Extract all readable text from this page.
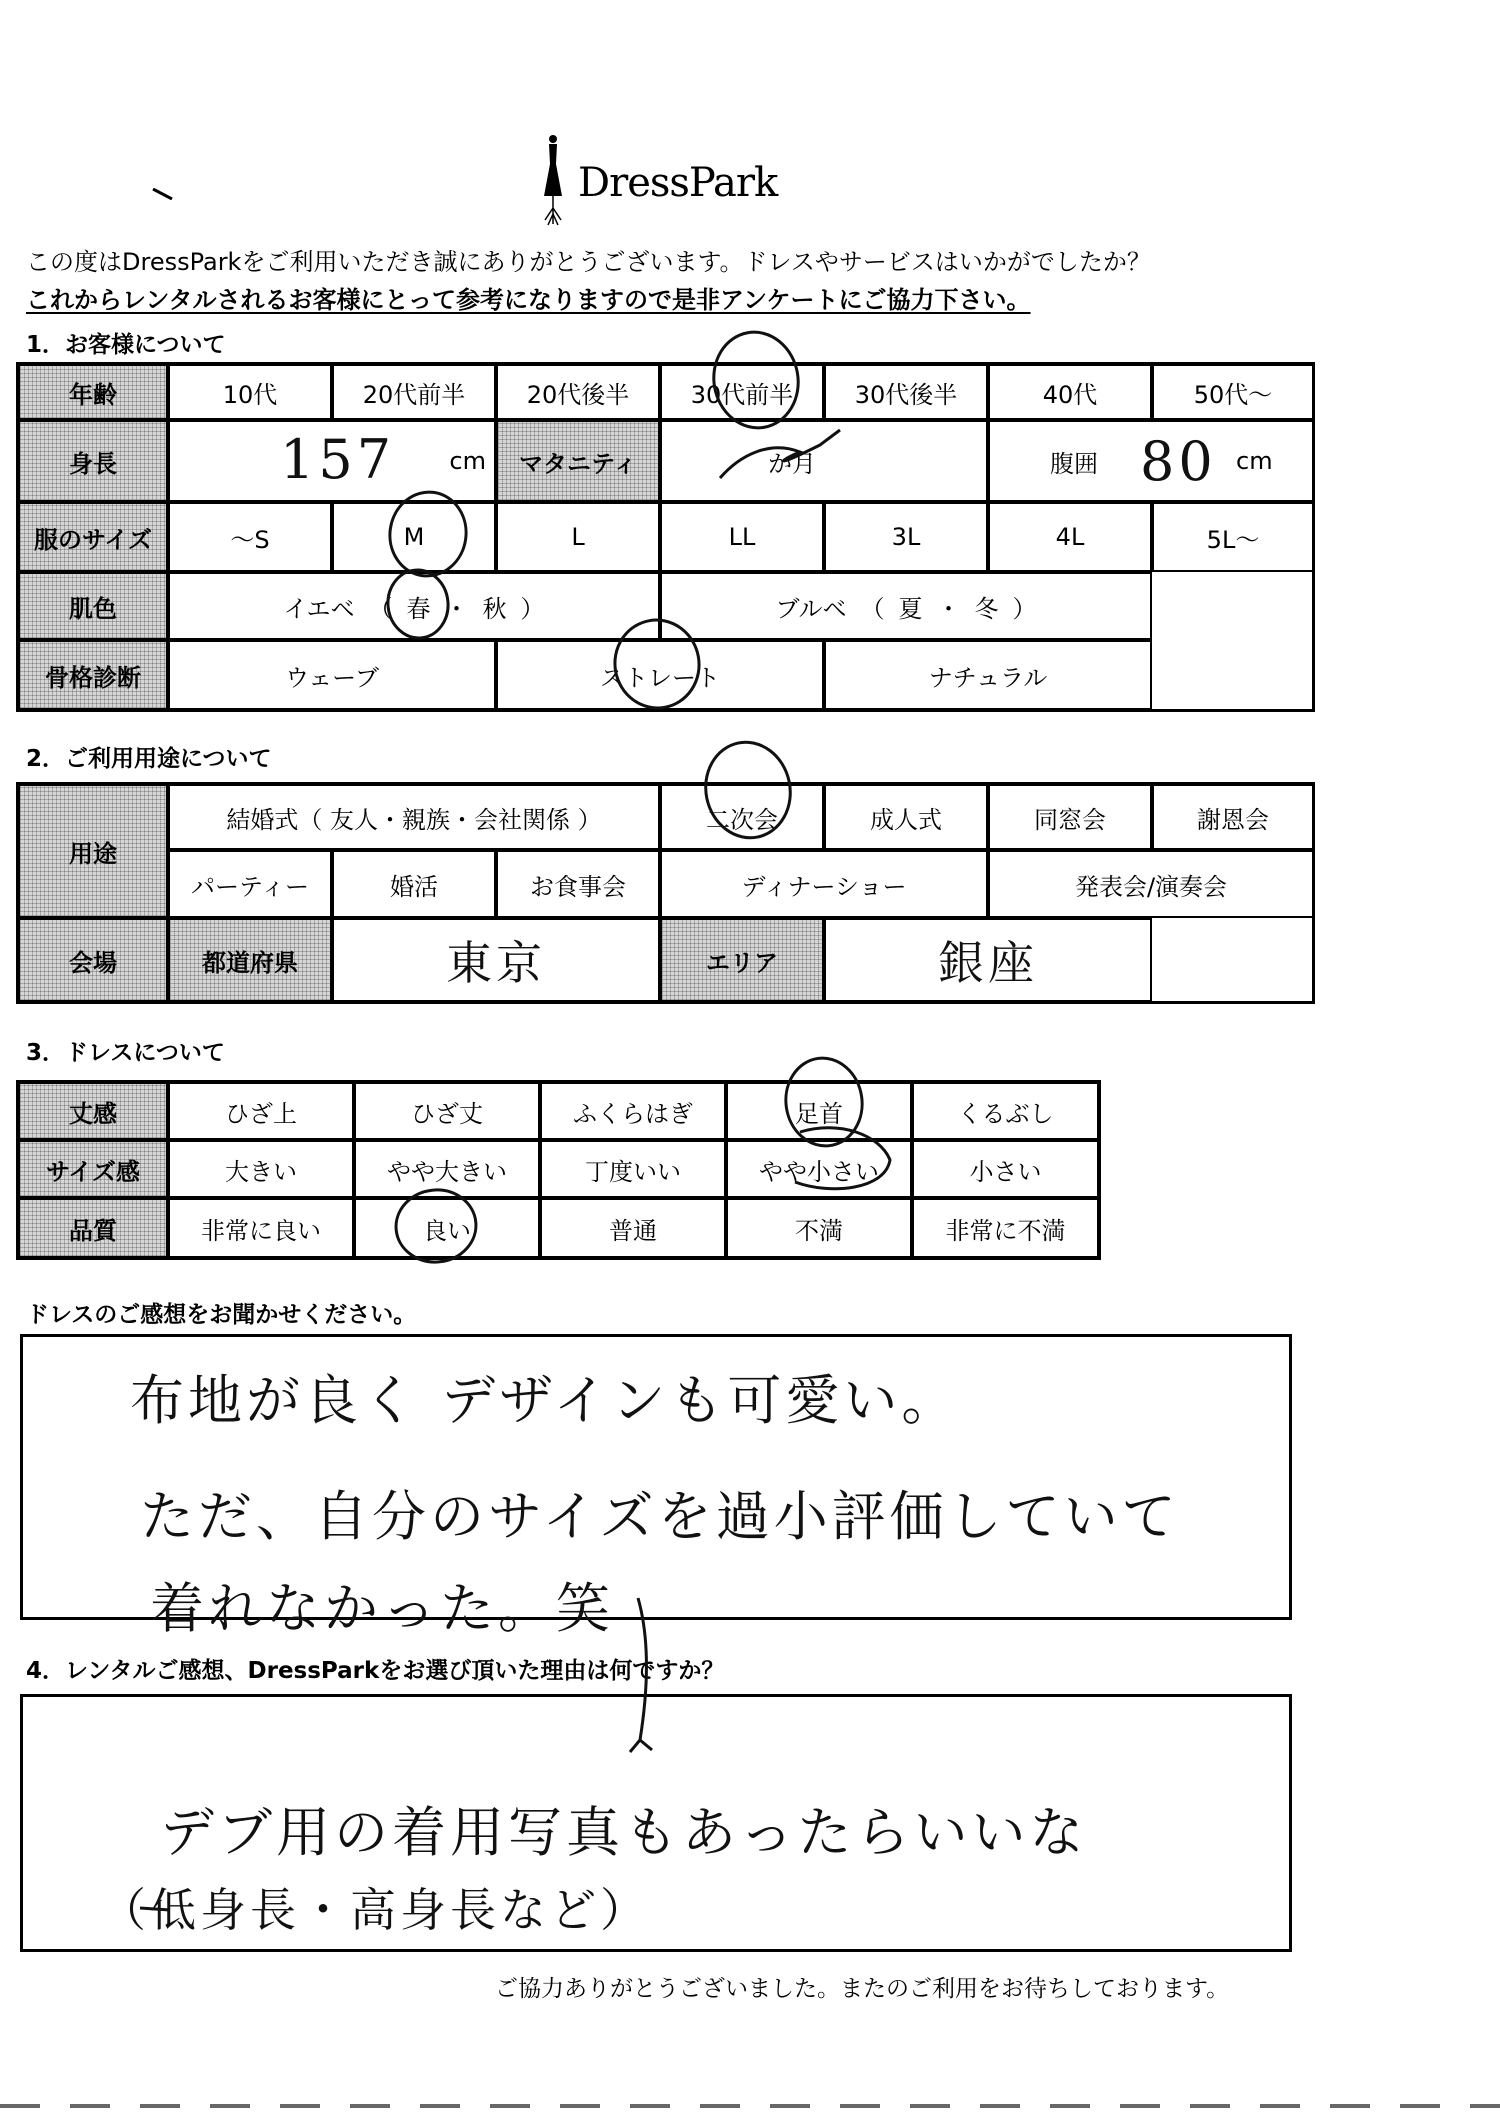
DressPark
この度はDressParkをご利用いただき誠にありがとうございます。ドレスやサービスはいかがでしたか？
これからレンタルされるお客様にとって参考になりますので是非アンケートにご協力下さい。
1．お客様について
年齢	10代	20代前半	20代後半	30代前半	30代後半	40代	50代～
身長	157 cm	マタニティ	か月	腹囲 80 cm
服のサイズ	～S	M	L	LL	3L	4L	5L～
肌色	イエベ （ 春 ・ 秋 ）	ブルベ （ 夏 ・ 冬 ）
骨格診断	ウェーブ	ストレート	ナチュラル
2．ご利用用途について
用途
結婚式（ 友人・親族・会社関係 ）	二次会	成人式	同窓会	謝恩会
パーティー	婚活	お食事会	ディナーショー	発表会/演奏会
会場	都道府県	東京	エリア	銀座
3．ドレスについて
丈感	ひざ上	ひざ丈	ふくらはぎ	足首	くるぶし
サイズ感	大きい	やや大きい	丁度いい	やや小さい	小さい
品質	非常に良い	良い	普通	不満	非常に不満
ドレスのご感想をお聞かせください。
布地が良く デザインも可愛い。
ただ、自分のサイズを過小評価していて
着れなかった。笑
4．レンタルご感想、DressParkをお選び頂いた理由は何ですか？
デブ用の着用写真もあったらいいな
（低身長・高身長など）
ご協力ありがとうございました。またのご利用をお待ちしております。
